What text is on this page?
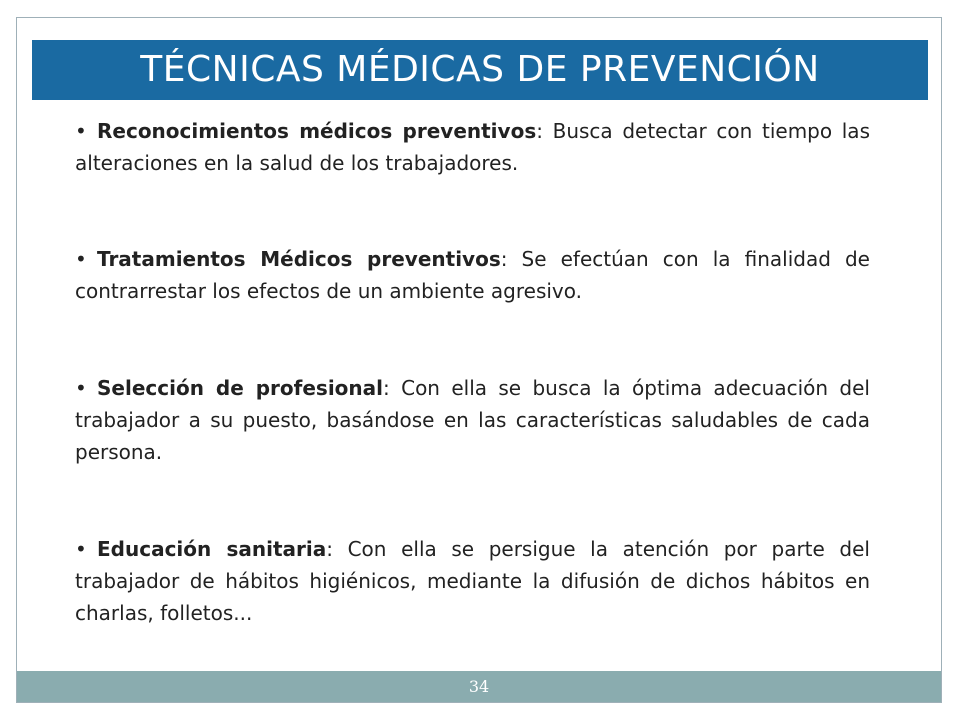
TÉCNICAS MÉDICAS DE PREVENCIÓN

• Reconocimientos médicos preventivos: Busca detectar con tiempo las alteraciones en la salud de los trabajadores.

• Tratamientos Médicos preventivos: Se efectúan con la finalidad de contrarrestar los efectos de un ambiente agresivo.

• Selección de profesional: Con ella se busca la óptima adecuación del trabajador a su puesto, basándose en las características saludables de cada persona.

• Educación sanitaria: Con ella se persigue la atención por parte del trabajador de hábitos higiénicos, mediante la difusión de dichos hábitos en charlas, folletos...

34
